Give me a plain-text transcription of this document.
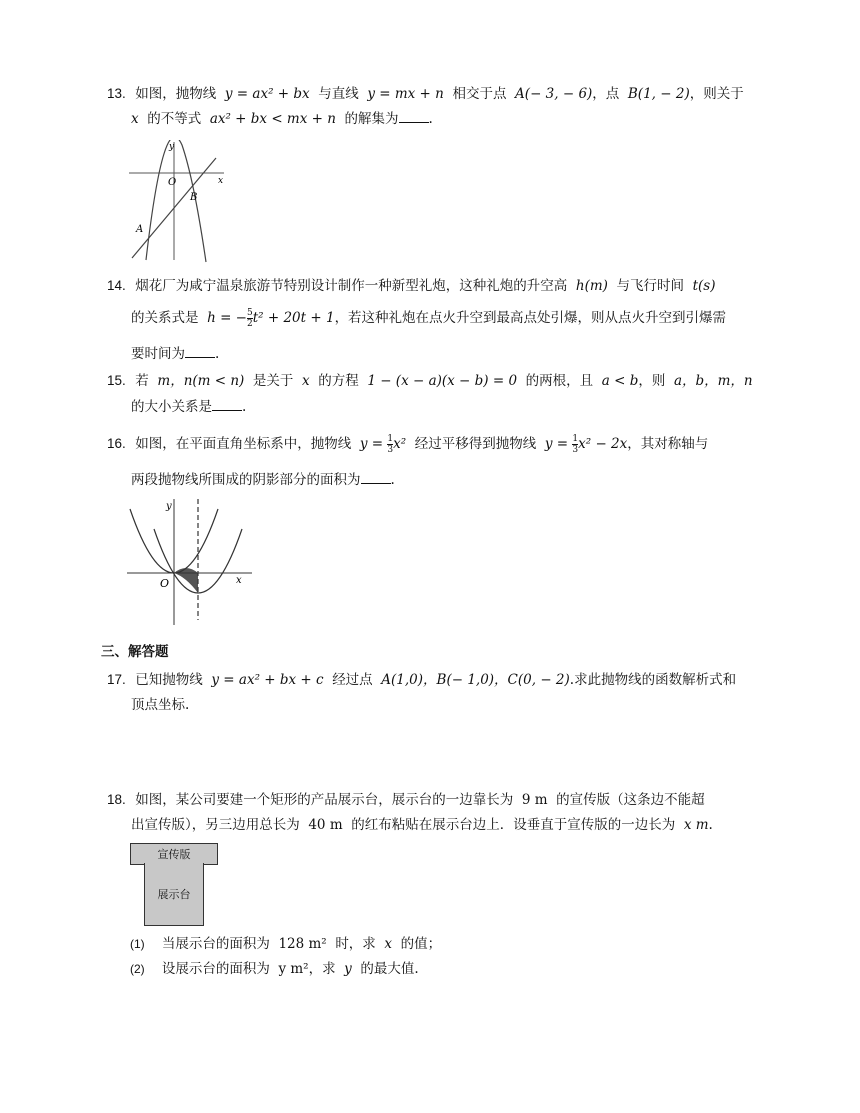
13. 如图，抛物线 y = ax² + bx 与直线 y = mx + n 相交于点 A(− 3, − 6)，点 B(1, − 2)，则关于
x 的不等式 ax² + bx < mx + n 的解集为 .
y
x
O
A
B
14. 烟花厂为咸宁温泉旅游节特别设计制作一种新型礼炮，这种礼炮的升空高 h(m) 与飞行时间 t(s)
的关系式是 h = − $\frac{5}{2} t^2 + 20t + 1$，若这种礼炮在点火升空到最高点处引爆，则从点火升空到引爆需
要时间为 .
15. 若 m，n(m < n) 是关于 x 的方程 1 − (x − a)(x − b) = 0 的两根，且 a < b，则 a，b，m，n
的大小关系是 .
16. 如图，在平面直角坐标系中，抛物线 $y = \frac{1}{3} x^2$ 经过平移得到抛物线 $y = \frac{1}{3} x^2 - 2x$，其对称轴与
两段抛物线所围成的阴影部分的面积为 .
y
x
O
三、解答题
17. 已知抛物线 y = ax² + bx + c 经过点 A(1,0)，B(− 1,0)，C(0, − 2).求此抛物线的函数解析式和
顶点坐标.
18. 如图，某公司要建一个矩形的产品展示台，展示台的一边靠长为 9 m 的宣传版（这条边不能超
出宣传版），另三边用总长为 40 m 的红布粘贴在展示台边上．设垂直于宣传版的一边长为 x m.
宣传版
展示台
(1) 当展示台的面积为 128 m² 时，求 x 的值；
(2) 设展示台的面积为 y m²，求 y 的最大值.
